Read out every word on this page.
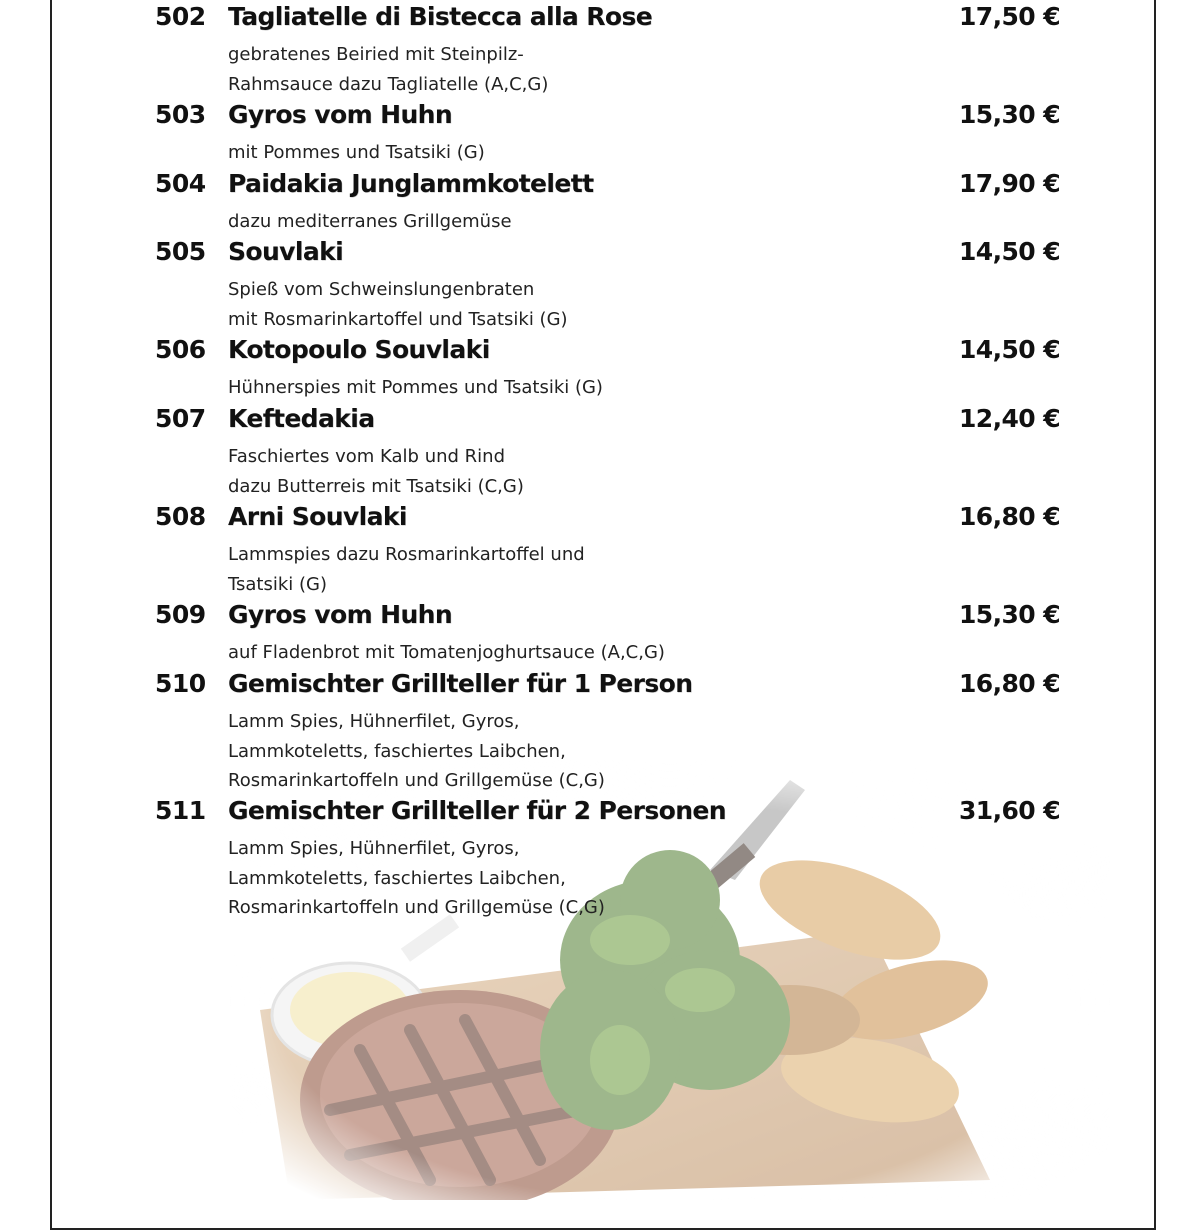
502 Tagliatelle di Bistecca alla Rose	17,50 €
gebratenes Beiried mit Steinpilz-
Rahmsauce dazu Tagliatelle (A,C,G)
503 Gyros vom Huhn	15,30 €
mit Pommes und Tsatsiki (G)
504 Paidakia Junglammkotelett	17,90 €
dazu mediterranes Grillgemüse
505 Souvlaki	14,50 €
Spieß vom Schweinslungenbraten
mit Rosmarinkartoffel und Tsatsiki (G)
506 Kotopoulo Souvlaki	14,50 €
Hühnerspies mit Pommes und Tsatsiki (G)
507 Keftedakia	12,40 €
Faschiertes vom Kalb und Rind
dazu Butterreis mit Tsatsiki (C,G)
508 Arni Souvlaki	16,80 €
Lammspies dazu Rosmarinkartoffel und
Tsatsiki (G)
509 Gyros vom Huhn	15,30 €
auf Fladenbrot mit Tomatenjoghurtsauce (A,C,G)
510 Gemischter Grillteller für 1 Person	16,80 €
Lamm Spies, Hühnerfilet, Gyros,
Lammkoteletts, faschiertes Laibchen,
Rosmarinkartoffeln und Grillgemüse (C,G)
511 Gemischter Grillteller für 2 Personen	31,60 €
Lamm Spies, Hühnerfilet, Gyros,
Lammkoteletts, faschiertes Laibchen,
Rosmarinkartoffeln und Grillgemüse (C,G)
